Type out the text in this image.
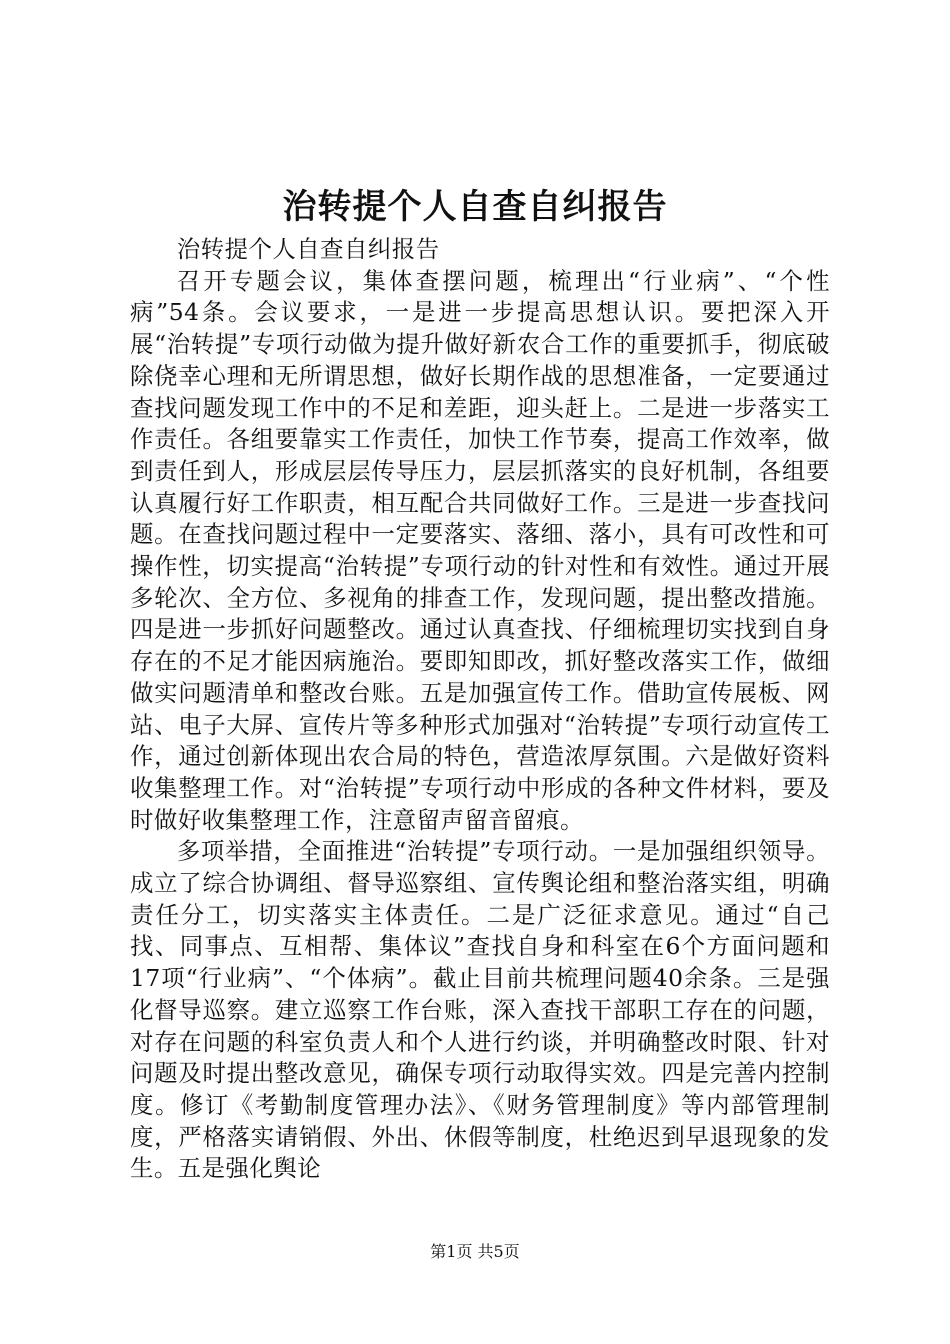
治转提个人自查自纠报告

治转提个人自查自纠报告

召开专题会议，集体查摆问题，梳理出“行业病”、“个性病”54条。会议要求，一是进一步提高思想认识。要把深入开展“治转提”专项行动做为提升做好新农合工作的重要抓手，彻底破除侥幸心理和无所谓思想，做好长期作战的思想准备，一定要通过查找问题发现工作中的不足和差距，迎头赶上。二是进一步落实工作责任。各组要靠实工作责任，加快工作节奏，提高工作效率，做到责任到人，形成层层传导压力，层层抓落实的良好机制，各组要认真履行好工作职责，相互配合共同做好工作。三是进一步查找问题。在查找问题过程中一定要落实、落细、落小，具有可改性和可操作性，切实提高“治转提”专项行动的针对性和有效性。通过开展多轮次、全方位、多视角的排查工作，发现问题，提出整改措施。四是进一步抓好问题整改。通过认真查找、仔细梳理切实找到自身存在的不足才能因病施治。要即知即改，抓好整改落实工作，做细做实问题清单和整改台账。五是加强宣传工作。借助宣传展板、网站、电子大屏、宣传片等多种形式加强对“治转提”专项行动宣传工作，通过创新体现出农合局的特色，营造浓厚氛围。六是做好资料收集整理工作。对“治转提”专项行动中形成的各种文件材料，要及时做好收集整理工作，注意留声留音留痕。

多项举措，全面推进“治转提”专项行动。一是加强组织领导。成立了综合协调组、督导巡察组、宣传舆论组和整治落实组，明确责任分工，切实落实主体责任。二是广泛征求意见。通过“自己找、同事点、互相帮、集体议”查找自身和科室在6个方面问题和17项“行业病”、“个体病”。截止目前共梳理问题40余条。三是强化督导巡察。建立巡察工作台账，深入查找干部职工存在的问题，对存在问题的科室负责人和个人进行约谈，并明确整改时限、针对问题及时提出整改意见，确保专项行动取得实效。四是完善内控制度。修订《考勤制度管理办法》、《财务管理制度》等内部管理制度，严格落实请销假、外出、休假等制度，杜绝迟到早退现象的发生。五是强化舆论

第1页 共5页
